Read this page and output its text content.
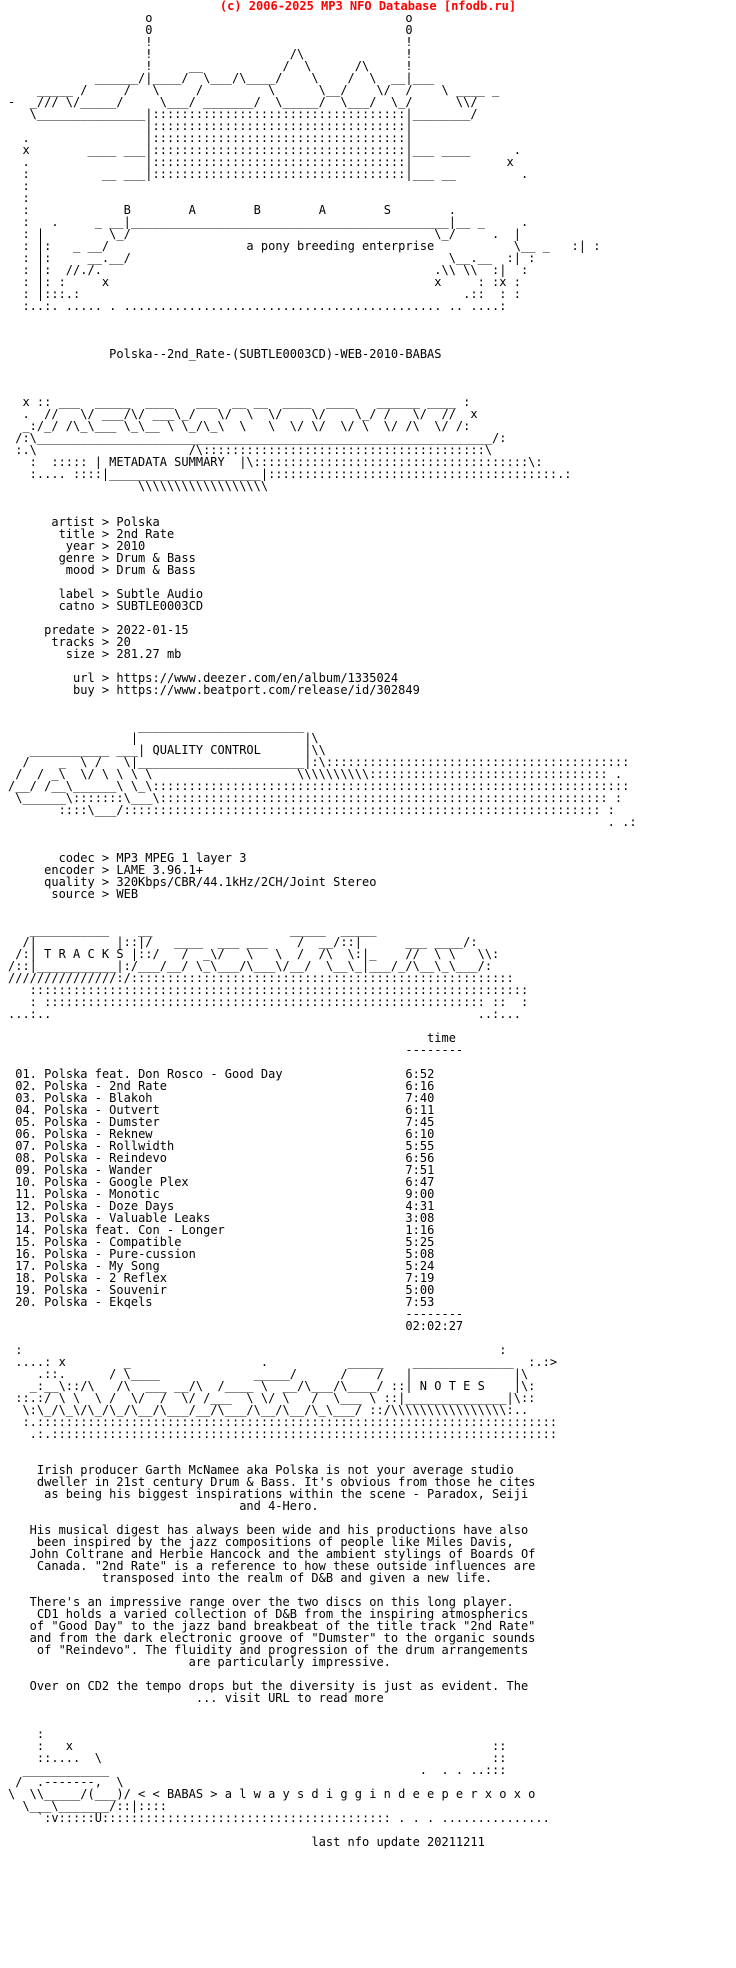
(c) 2006-2025 MP3 NFO Database [nfodb.ru]
o                                   o
0                                   0
!                                   !
!                   /\              !
!     __           /  \      /\     !
______/|____/  \___/\____/    \    /  \  __|___
_____ /     /   \     /         \      \__/    \/  /    \ ____ _
-  _/// \/_____/     \___/ _______/  \_____/  \___/  \_/      \\/
\_______________|:::::::::::::::::::::::::::::::::::|________/
|:::::::::::::::::::::::::::::::::::|
.                |:::::::::::::::::::::::::::::::::::|
x        ____ ___|:::::::::::::::::::::::::::::::::::|___ ____      .
.                |:::::::::::::::::::::::::::::::::::|             x
:          __ ___|:::::::::::::::::::::::::::::::::::|___ __         .
:
:
:             B	A	B	A	S        .
:   .     _ __|____________________________________________|__ _     .
: |         \_/                                          \_/     .  |
: |:   _ __/                   a pony breeding enterprise           \__ _   :| :
: |:     __.__/                                            \__.__  :| :
: |:  //./.                                              .\\ \\  :|  :
: |: :     x                                             x     : :x :
: |:::.:                                                     .::  : :
:..:. ..... . ............................................ .. ....:

Polska--2nd_Rate-(SUBTLE0003CD)-WEB-2010-BABAS

x :: ___  _____  ____   ___  __ __  ____  ____   ______ ____ :
.  //   \/ ___/\/ ___\_/   \/  \  \/    \/    \_/ /   \/  //  x
_:/_/ /\_\___ \_\__ \ \_/\_\  \   \  \/ \/  \/ \  \/ /\  \/ /:
/:\_______________________________________________________________/:
:.\                     /\:::::::::::::::::::::::::::::::::::::::\
:  ::::: | METADATA SUMMARY  |\::::::::::::::::::::::::::::::::::::::\:
:.... ::::|_____________________|::::::::::::::::::::::::::::::::::::::::.:
\\\\\\\\\\\\\\\\\\

artist > Polska
title > 2nd Rate
year > 2010
genre > Drum & Bass
mood > Drum & Bass

label > Subtle Audio
catno > SUBTLE0003CD

predate > 2022-01-15
tracks > 20
size > 281.27 mb

url > https://www.deezer.com/en/album/1335024
buy > https://www.beatport.com/release/id/302849

_______________________
|                       |\
___________ ___| QUALITY CONTROL      |\\
/    _  \ /   \|_______________________|:\::::::::::::::::::::::::::::::::::::::::::
/  / _\  \/ \ \ \ \                    \\\\\\\\\\::::::::::::::::::::::::::::::::: .
/__/ /__\______\ \_\::::::::::::::::::::::::::::::::::::::::::::::::::::::::::::::::::
\______\:::::::\___\:::::::::::::::::::::::::::::::::::::::::::::::::::::::::::::: :
::::\___/:::::::::::::::::::::::::::::::::::::::::::::::::::::::::::::::::: :
. .:

codec > MP3 MPEG 1 layer 3
encoder > LAME 3.96.1+
quality > 320Kbps/CBR/44.1kHz/2CH/Joint Stereo
source > WEB

___________    __                   _____  _____
/|           |::|/   ____  ___ ___    /  __/::|      ___ ____/:
/:| T R A C K S |::/   /  _\/   \   \  /  /\  \:|_    //  \ \   \\:
/::|___________|:/___/__/ \_\___/\___\/__/  \__\_|___/_/\__\_\___/:
///////////////:/:::::::::::::::::::::::::::::::::::::::::::::::::::::
:::::::::::::::::::::::::::::::::::::::::::::::::::::::::::::::::::::
: ::::::::::::::::::::::::::::::::::::::::::::::::::::::::::::: ::  :
...:..                                                           ..:...

time
--------

01. Polska feat. Don Rosco - Good Day	6:52
02. Polska - 2nd Rate	6:16
03. Polska - Blakoh	7:40
04. Polska - Outvert	6:11
05. Polska - Dumster	7:45
06. Polska - Reknew	6:10
07. Polska - Rollwidth	5:55
08. Polska - Reindevo	6:56
09. Polska - Wander	7:51
10. Polska - Google Plex	6:47
11. Polska - Monotic	9:00
12. Polska - Doze Days	4:31
13. Polska - Valuable Leaks	3:08
14. Polska feat. Con - Longer	1:16
15. Polska - Compatible	5:25
16. Polska - Pure-cussion	5:08
17. Polska - My Song	5:24
18. Polska - 2 Reflex	7:19
19. Polska - Souvenir	5:00
20. Polska - Ekqels	7:53
--------
02:02:27

:                                                                  :
....: x        _                  .           _____    ______________  :.:>
.::.      / \____             _____/      /    /   |              |\
_:__\::/\   /\  ___ __/\  /____ \  __/\___/\____/ ::| N O T E S    |\:
::.:/ \ \  \ /  \/  /  \/ /___  \ \/ \   /  \___ \ ::|______________|\::
\:\_/\_\/\_/\_/\__/\___/__/\___/\__/\__/\_\___/ ::/\\\\\\\\\\\\\\\\:..
:.::::::::::::::::::::::::::::::::::::::::::::::::::::::::::::::::::::::::
.:.::::::::::::::::::::::::::::::::::::::::::::::::::::::::::::::::::::::

Irish producer Garth McNamee aka Polska is not your average studio
dweller in 21st century Drum & Bass. It's obvious from those he cites
as being his biggest inspirations within the scene - Paradox, Seiji
and 4-Hero.

His musical digest has always been wide and his productions have also
been inspired by the jazz compositions of people like Miles Davis,
John Coltrane and Herbie Hancock and the ambient stylings of Boards Of
Canada. "2nd Rate" is a reference to how these outside influences are
transposed into the realm of D&B and given a new life.

There's an impressive range over the two discs on this long player.
CD1 holds a varied collection of D&B from the inspiring atmospherics
of "Good Day" to the jazz band breakbeat of the title track "2nd Rate"
and from the dark electronic groove of "Dumster" to the organic sounds
of "Reindevo". The fluidity and progression of the drum arrangements
are particularly impressive.

Over on CD2 the tempo drops but the diversity is just as evident. The
... visit URL to read more

:
:   x                                                          ::
::....  \                                                      ::
____________                                           .  . . ..:::
/  .-------,  \
\  \\_____/(___)/ < < BABAS > a l w a y s d i g g i n d e e p e r x o x o
\___\_______/::|::::
`:v:::::U:::::::::::::::::::::::::::::::::::::::: . . . ...............

last nfo update 20211211
